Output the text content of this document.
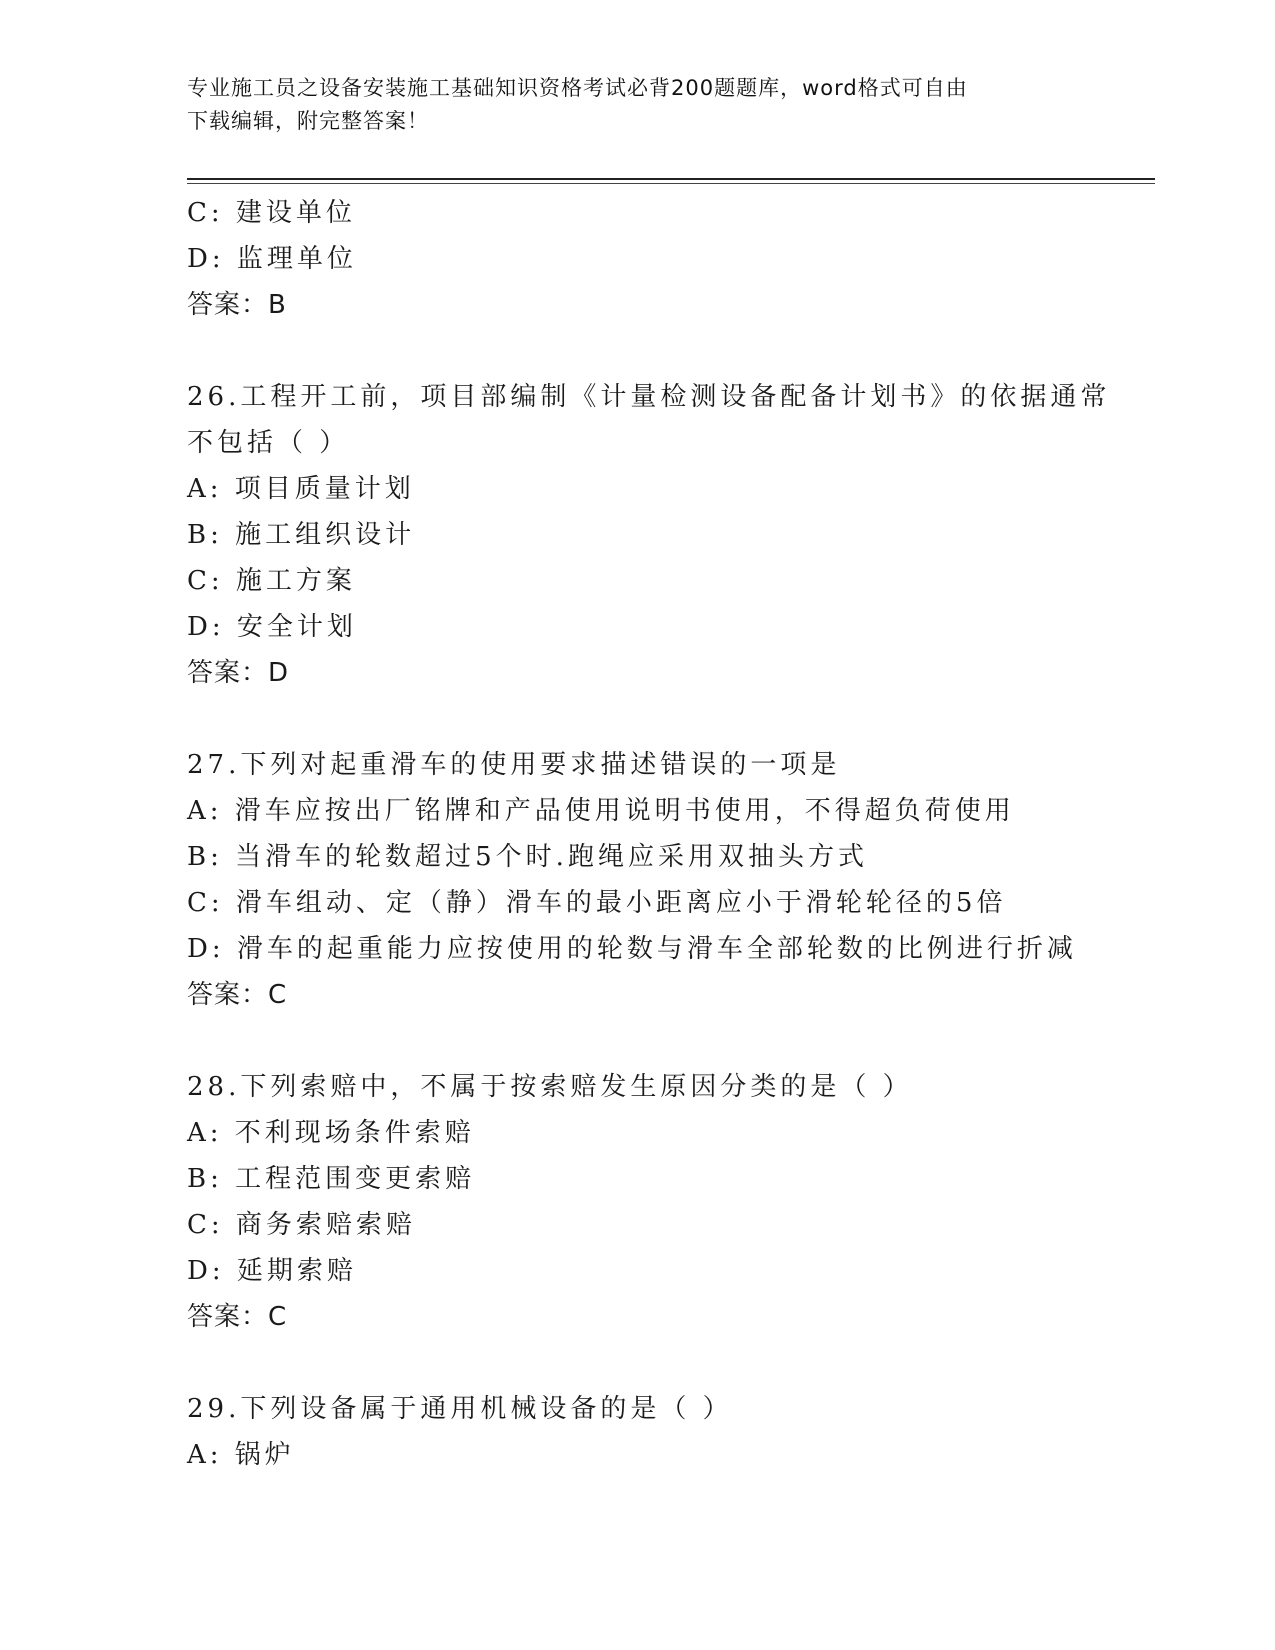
专业施工员之设备安装施工基础知识资格考试必背200题题库，word格式可自由
下载编辑，附完整答案！
C: 建设单位
D: 监理单位
答案：B
26.工程开工前，项目部编制《计量检测设备配备计划书》的依据通常
不包括（ ）
A: 项目质量计划
B: 施工组织设计
C: 施工方案
D: 安全计划
答案：D
27.下列对起重滑车的使用要求描述错误的一项是
A: 滑车应按出厂铭牌和产品使用说明书使用，不得超负荷使用
B: 当滑车的轮数超过5个时.跑绳应采用双抽头方式
C: 滑车组动、定（静）滑车的最小距离应小于滑轮轮径的5倍
D: 滑车的起重能力应按使用的轮数与滑车全部轮数的比例进行折减
答案：C
28.下列索赔中，不属于按索赔发生原因分类的是（ ）
A: 不利现场条件索赔
B: 工程范围变更索赔
C: 商务索赔索赔
D: 延期索赔
答案：C
29.下列设备属于通用机械设备的是（ ）
A: 锅炉
